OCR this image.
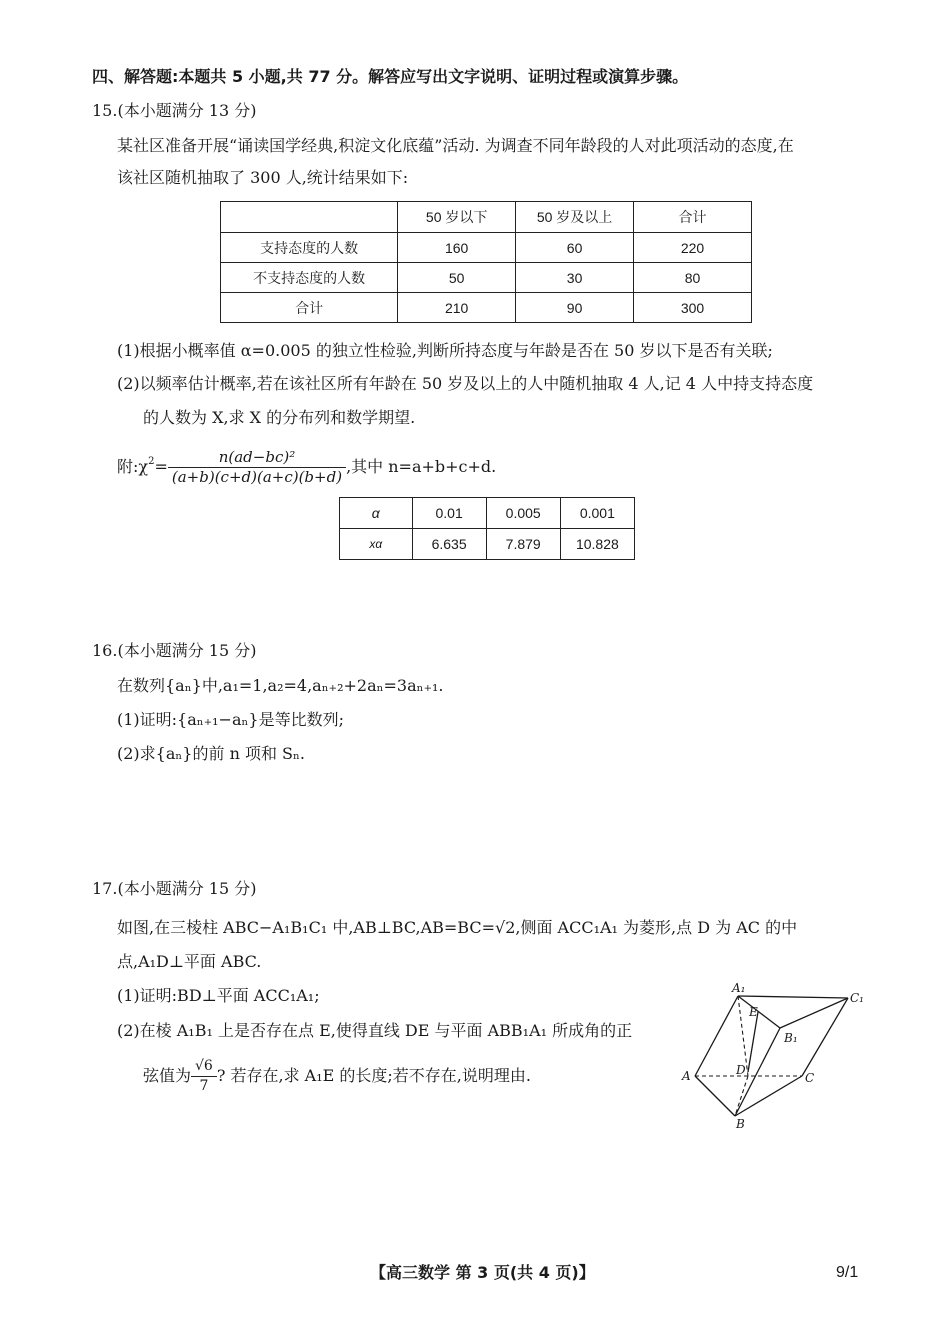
四、解答题:本题共 5 小题,共 77 分。解答应写出文字说明、证明过程或演算步骤。
15.(本小题满分 13 分)
某社区准备开展“诵读国学经典,积淀文化底蕴”活动. 为调查不同年龄段的人对此项活动的态度,在
该社区随机抽取了 300 人,统计结果如下:
	50 岁以下	50 岁及以上	合计
支持态度的人数	160	60	220
不支持态度的人数	50	30	80
合计	210	90	300
(1)根据小概率值 α=0.005 的独立性检验,判断所持态度与年龄是否在 50 岁以下是否有关联;
(2)以频率估计概率,若在该社区所有年龄在 50 岁及以上的人中随机抽取 4 人,记 4 人中持支持态度
的人数为 X,求 X 的分布列和数学期望.
附$:\chi^2= \frac{\text{n(ad−bc)²}}{(a+b)(c+d)(a+c)(b+d)}$ ,其中 n=a+b+c+d.
α	0.01	0.005	0.001
xα	6.635	7.879	10.828
16.(本小题满分 15 分)
在数列{aₙ}中,a₁=1,a₂=4,aₙ₊₂+2aₙ=3aₙ₊₁.
(1)证明:{aₙ₊₁−aₙ}是等比数列;
(2)求{aₙ}的前 n 项和 Sₙ.
17.(本小题满分 15 分)
如图,在三棱柱 ABC−A₁B₁C₁ 中,AB⊥BC,AB=BC=√2,侧面 ACC₁A₁ 为菱形,点 D 为 AC 的中
点,A₁D⊥平面 ABC.
(1)证明:BD⊥平面 ACC₁A₁;
(2)在棱 A₁B₁ 上是否存在点 E,使得直线 DE 与平面 ABB₁A₁ 所成角的正
弦值为 $\frac{√6}{7}$ ? 若存在,求 A₁E 的长度;若不存在,说明理由.
A₁
C₁
E
B₁
A	D
C
B
【高三数学 第 3 页(共 4 页)】	9/1
